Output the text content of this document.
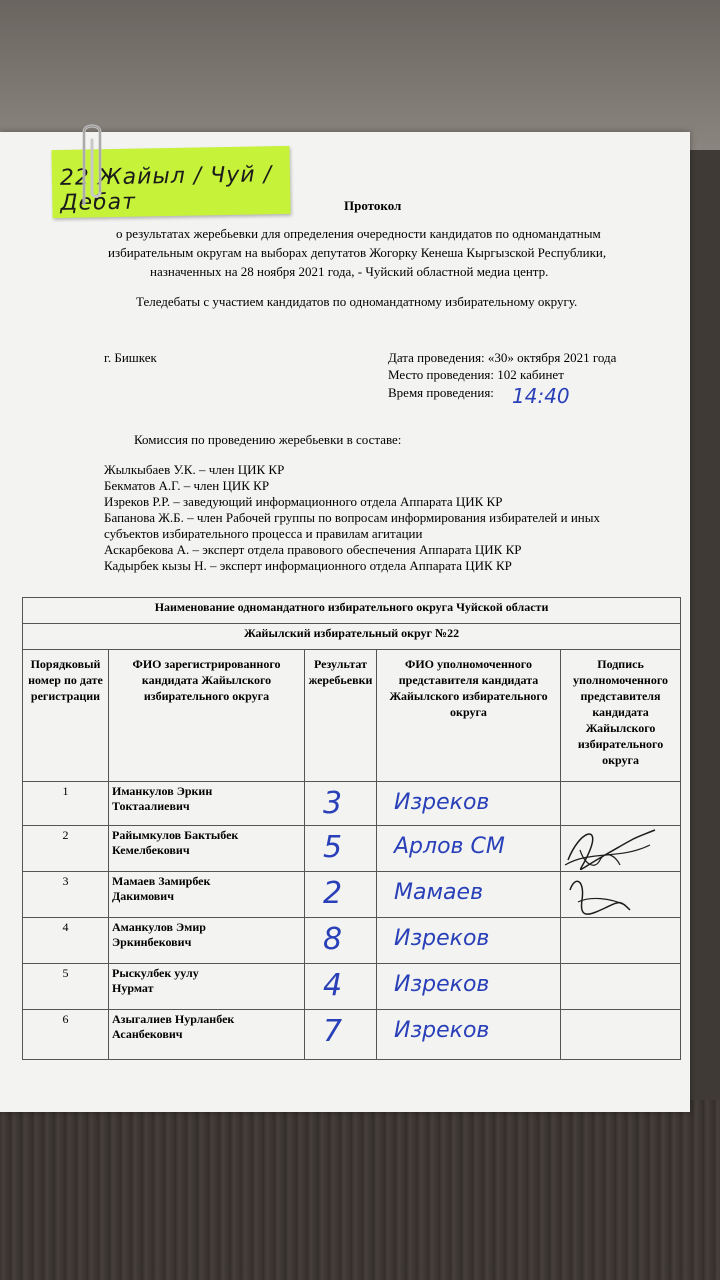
Протокол
о результатах жеребьевки для определения очередности кандидатов по одномандатным
избирательным округам на выборах депутатов Жогорку Кенеша Кыргызской Республики,
назначенных на 28 ноября 2021 года, - Чуйский областной медиа центр.
Теледебаты с участием кандидатов по одномандатному избирательному округу.
г. Бишкек	Дата проведения: «30» октября 2021 года
Место проведения: 102 кабинет
Время проведения: 14:40
Комиссия по проведению жеребьевки в составе:
Жылкыбаев У.К. – член ЦИК КР
Бекматов А.Г. – член ЦИК КР
Изреков Р.Р. – заведующий информационного отдела Аппарата ЦИК КР
Бапанова Ж.Б. – член Рабочей группы по вопросам информирования избирателей и иных
субъектов избирательного процесса и правилам агитации
Аскарбекова А. – эксперт отдела правового обеспечения Аппарата ЦИК КР
Кадырбек кызы Н. – эксперт информационного отдела Аппарата ЦИК КР
Наименование одномандатного избирательного округа Чуйской области				
Жайылский избирательный округ №22				
Порядковый номер по дате регистрации	ФИО зарегистрированного кандидата Жайылского избирательного округа	Результат жеребьевки	ФИО уполномоченного представителя кандидата Жайылского избирательного округа	Подпись уполномоченного представителя кандидата Жайылского избирательного округа
1	Иманкулов Эркин
Токтаалиевич	3	Изреков	

2	Райымкулов Бактыбек
Кемелбекович	5	Арлов СМ	

3	Мамаев Замирбек
Дакимович	2	Мамаев	

4	Аманкулов Эмир
Эркинбекович	8	Изреков	

5	Рыскулбек уулу
Нурмат	4	Изреков	

6	Азыгалиев Нурланбек
Асанбекович	7	Изреков	

22 Жайыл / Чуй / Дебат
